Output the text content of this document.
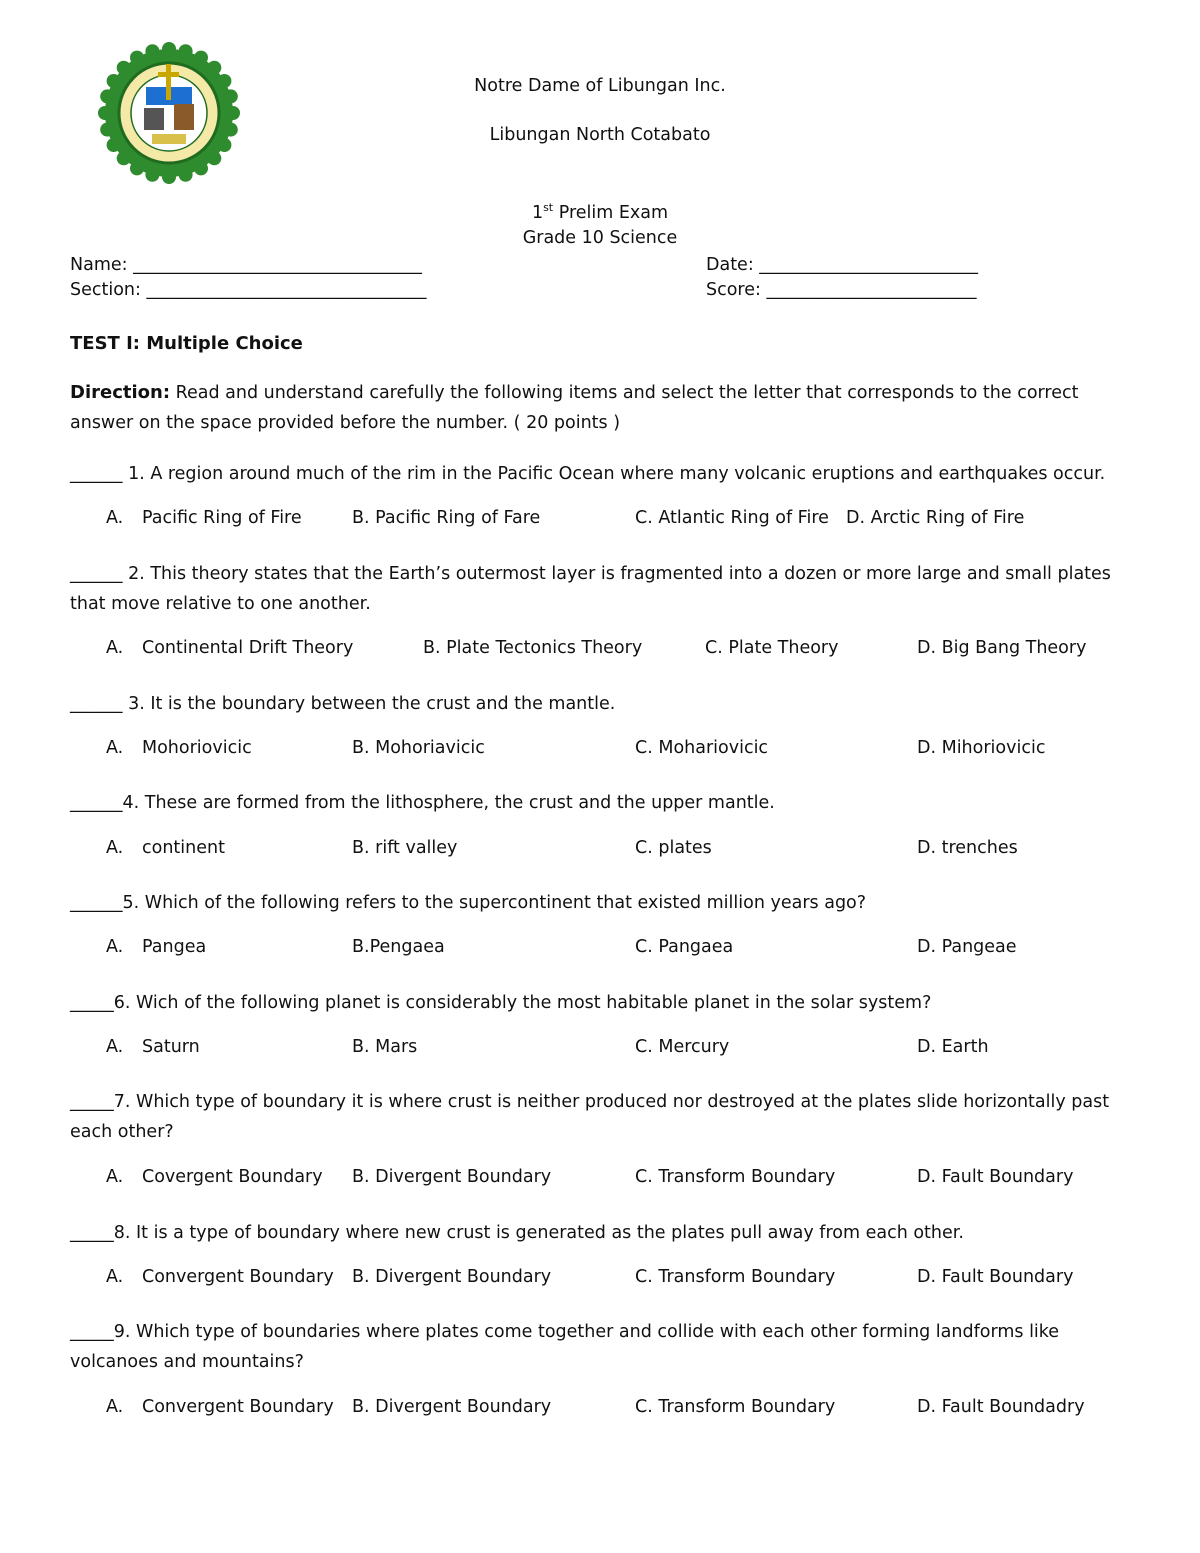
Notre Dame of Libungan Inc.
Libungan North Cotabato
1st Prelim Exam
Grade 10 Science
Name: _________________________________
Section: ________________________________
Date: _________________________
Score: ________________________
TEST I: Multiple Choice
Direction: Read and understand carefully the following items and select the letter that corresponds to the correct answer on the space provided before the number. ( 20 points )
______ 1. A region around much of the rim in the Pacific Ocean where many volcanic eruptions and earthquakes occur.
A. Pacific Ring of Fire	B. Pacific Ring of Fare	C. Atlantic Ring of Fire D. Arctic Ring of Fire
______ 2. This theory states that the Earth’s outermost layer is fragmented into a dozen or more large and small plates that move relative to one another.
A. Continental Drift Theory	B. Plate Tectonics Theory	C. Plate Theory	D. Big Bang Theory
______ 3. It is the boundary between the crust and the mantle.
A. Mohoriovicic	B. Mohoriavicic	C. Mohariovicic	D. Mihoriovicic
______4. These are formed from the lithosphere, the crust and the upper mantle.
A. continent	B. rift valley	C. plates	D. trenches
______5. Which of the following refers to the supercontinent that existed million years ago?
A. Pangea	B.Pengaea	C. Pangaea	D. Pangeae
_____6. Wich of the following planet is considerably the most habitable planet in the solar system?
A. Saturn	B. Mars	C. Mercury	D. Earth
_____7. Which type of boundary it is where crust is neither produced nor destroyed at the plates slide horizontally past each other?
A. Covergent Boundary B. Divergent Boundary	C. Transform Boundary	D. Fault Boundary
_____8. It is a type of boundary where new crust is generated as the plates pull away from each other.
A. Convergent Boundary B. Divergent Boundary	C. Transform Boundary	D. Fault Boundary
_____9. Which type of boundaries where plates come together and collide with each other forming landforms like volcanoes and mountains?
A. Convergent Boundary B. Divergent Boundary	C. Transform Boundary	D. Fault Boundadry
